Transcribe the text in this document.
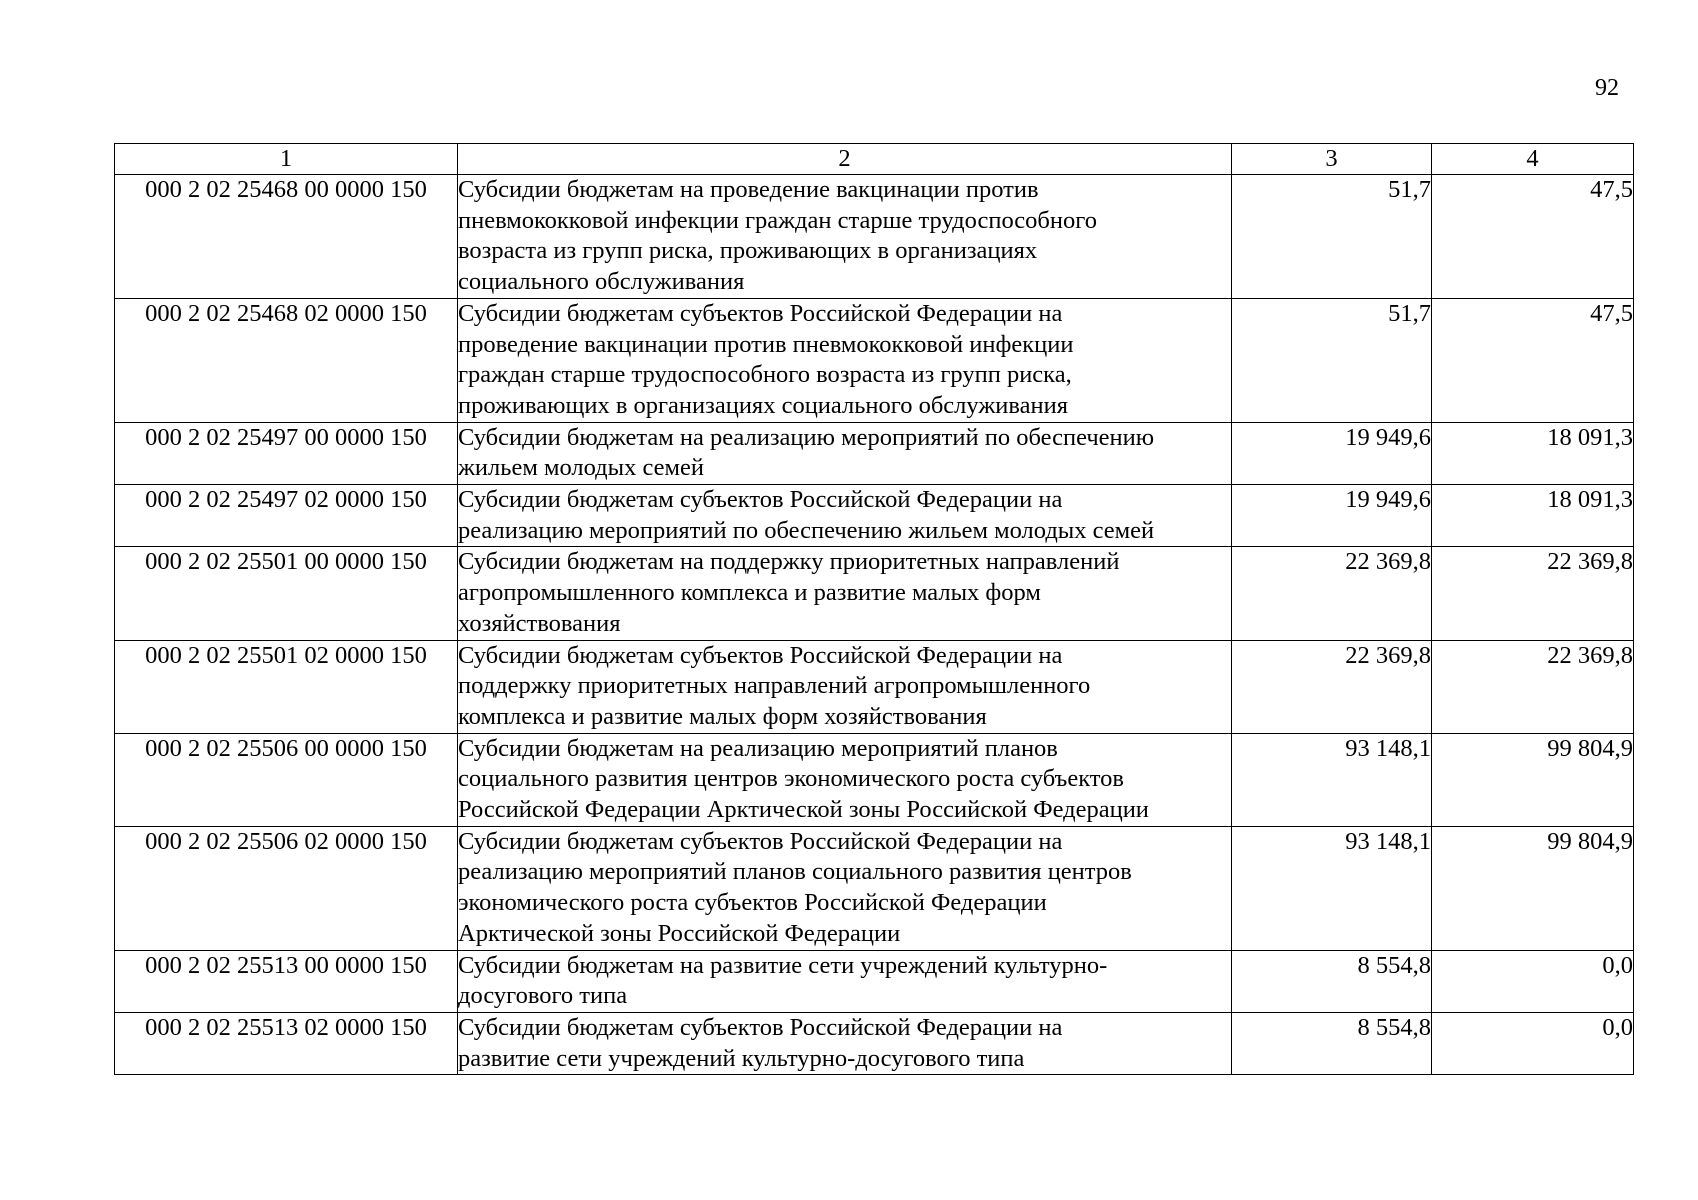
92
1	2	3	4
000 2 02 25468 00 0000 150	Субсидии бюджетам на проведение вакцинации против
пневмококковой инфекции граждан старше трудоспособного
возраста из групп риска, проживающих в организациях
социального обслуживания	51,7	47,5
000 2 02 25468 02 0000 150	Субсидии бюджетам субъектов Российской Федерации на
проведение вакцинации против пневмококковой инфекции
граждан старше трудоспособного возраста из групп риска,
проживающих в организациях социального обслуживания	51,7	47,5
000 2 02 25497 00 0000 150	Субсидии бюджетам на реализацию мероприятий по обеспечению
жильем молодых семей	19 949,6	18 091,3
000 2 02 25497 02 0000 150	Субсидии бюджетам субъектов Российской Федерации на
реализацию мероприятий по обеспечению жильем молодых семей	19 949,6	18 091,3
000 2 02 25501 00 0000 150	Субсидии бюджетам на поддержку приоритетных направлений
агропромышленного комплекса и развитие малых форм
хозяйствования	22 369,8	22 369,8
000 2 02 25501 02 0000 150	Субсидии бюджетам субъектов Российской Федерации на
поддержку приоритетных направлений агропромышленного
комплекса и развитие малых форм хозяйствования	22 369,8	22 369,8
000 2 02 25506 00 0000 150	Субсидии бюджетам на реализацию мероприятий планов
социального развития центров экономического роста субъектов
Российской Федерации Арктической зоны Российской Федерации	93 148,1	99 804,9
000 2 02 25506 02 0000 150	Субсидии бюджетам субъектов Российской Федерации на
реализацию мероприятий планов социального развития центров
экономического роста субъектов Российской Федерации
Арктической зоны Российской Федерации	93 148,1	99 804,9
000 2 02 25513 00 0000 150	Субсидии бюджетам на развитие сети учреждений культурно-
досугового типа	8 554,8	0,0
000 2 02 25513 02 0000 150	Субсидии бюджетам субъектов Российской Федерации на
развитие сети учреждений культурно-досугового типа	8 554,8	0,0
